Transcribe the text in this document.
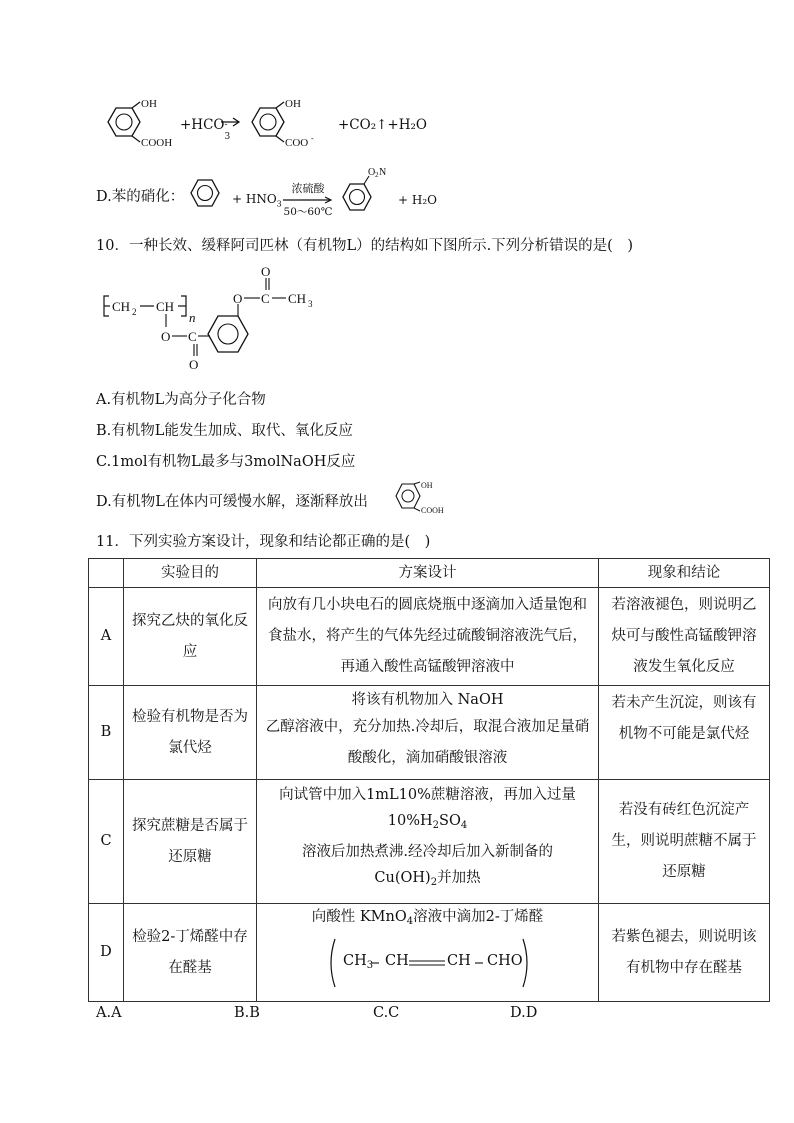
OH
COOH
+HCO -
3
OH
COO -
+CO₂↑+H₂O
D.苯的硝化：	+ $HNO_3$
浓硫酸
50～60℃
O 2 N
+ H₂O
10．一种长效、缓释阿司匹林（有机物L）的结构如下图所示.下列分析错误的是(　)
CH 2 CH
n
O C
O
O C
O
CH 3
A.有机物L为高分子化合物
B.有机物L能发生加成、取代、氧化反应
C.1mol有机物L最多与3molNaOH反应
D.有机物L在体内可缓慢水解，逐渐释放出
OH
COOH
11．下列实验方案设计，现象和结论都正确的是(　)
	实验目的	方案设计	现象和结论
A	探究乙炔的氧化反应	向放有几小块电石的圆底烧瓶中逐滴加入适量饱和食盐水，将产生的气体先经过硫酸铜溶液洗气后，再通入酸性高锰酸钾溶液中	若溶液褪色，则说明乙炔可与酸性高锰酸钾溶液发生氧化反应
B	检验有机物是否为氯代烃	将该有机物加入 NaOH
乙醇溶液中，充分加热.冷却后，取混合液加足量硝酸酸化，滴加硝酸银溶液	若未产生沉淀，则该有机物不可能是氯代烃
C	探究蔗糖是否属于还原糖	向试管中加入1mL10%蔗糖溶液，再加入过量
$10\%H_2SO_4$
溶液后加热煮沸.经冷却后加入新制备的
$Cu(OH)_2$并加热	若没有砖红色沉淀产生，则说明蔗糖不属于还原糖
D	检验2-丁烯醛中存在醛基	向酸性 KMnO$_4$溶液中滴加2-丁烯醛
$CH_3$ CH CH CHO	若紫色褪去，则说明该有机物中存在醛基
A.A	B.B	C.C	D.D
